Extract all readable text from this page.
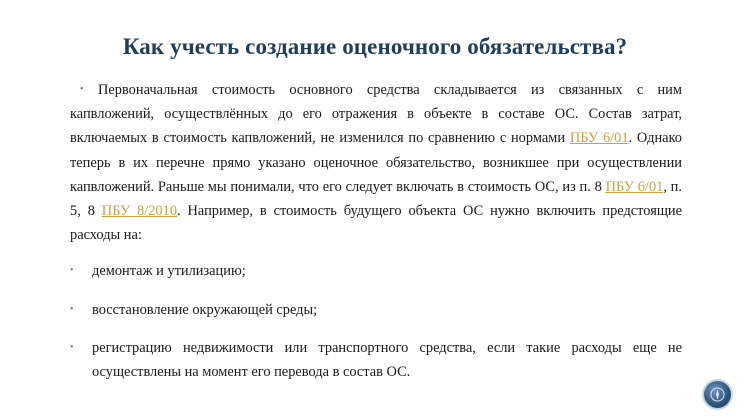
Как учесть создание оценочного обязательства?
• Первоначальная стоимость основного средства складывается из связанных с ним капвложений, осуществлённых до его отражения в объекте в составе ОС. Состав затрат, включаемых в стоимость капвложений, не изменился по сравнению с нормами ПБУ 6/01. Однако теперь в их перечне прямо указано оценочное обязательство, возникшее при осуществлении капвложений. Раньше мы понимали, что его следует включать в стоимость ОС, из п. 8 ПБУ 6/01, п. 5, 8 ПБУ 8/2010. Например, в стоимость будущего объекта ОС нужно включить предстоящие расходы на:
• демонтаж и утилизацию;
• восстановление окружающей среды;
• регистрацию недвижимости или транспортного средства, если такие расходы еще не осуществлены на момент его перевода в состав ОС.
